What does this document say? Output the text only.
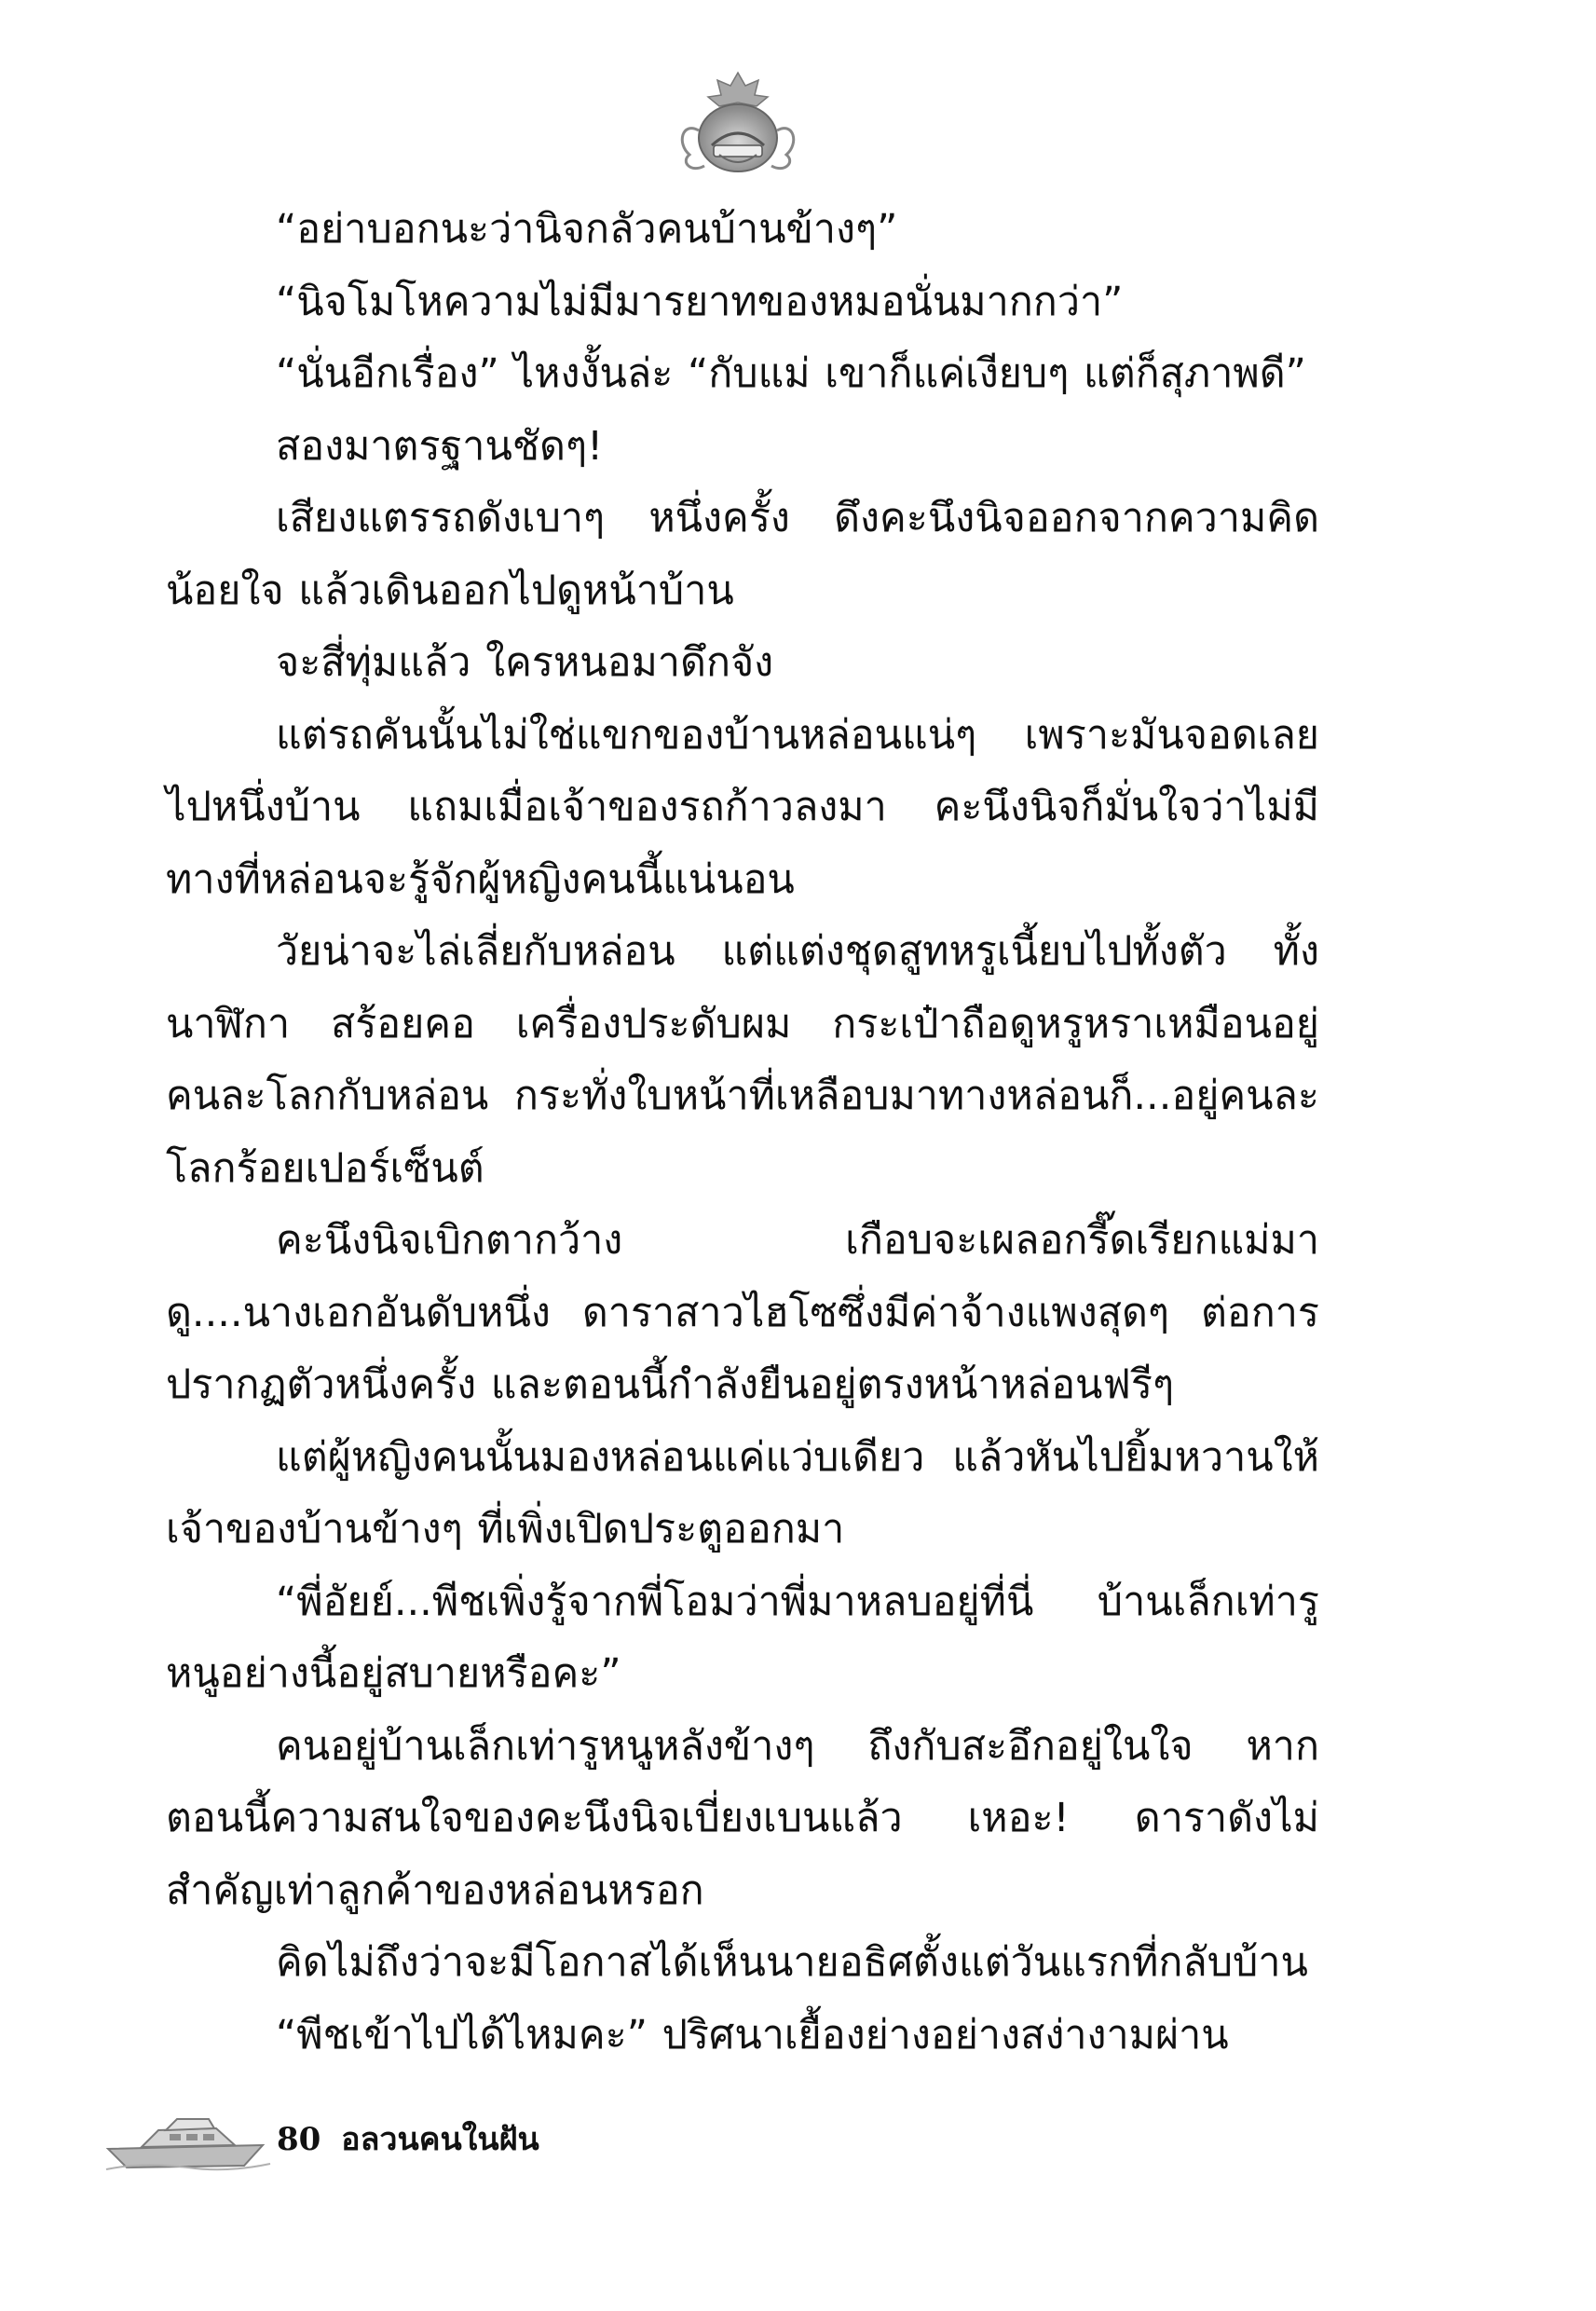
“อย่าบอกนะว่านิจกลัวคนบ้านข้างๆ”

“นิจโมโหความไม่มีมารยาทของหมอนั่นมากกว่า”

“นั่นอีกเรื่อง” ไหงงั้นล่ะ “กับแม่ เขาก็แค่เงียบๆ แต่ก็สุภาพดี”

สองมาตรฐานชัดๆ!

เสียงแตรรถดังเบาๆ หนึ่งครั้ง ดึงคะนึงนิจออกจากความคิดน้อยใจ แล้วเดินออกไปดูหน้าบ้าน

จะสี่ทุ่มแล้ว ใครหนอมาดึกจัง

แต่รถคันนั้นไม่ใช่แขกของบ้านหล่อนแน่ๆ เพราะมันจอดเลยไปหนึ่งบ้าน แถมเมื่อเจ้าของรถก้าวลงมา คะนึงนิจก็มั่นใจว่าไม่มีทางที่หล่อนจะรู้จักผู้หญิงคนนี้แน่นอน

วัยน่าจะไล่เลี่ยกับหล่อน แต่แต่งชุดสูทหรูเนี้ยบไปทั้งตัว ทั้งนาฬิกา สร้อยคอ เครื่องประดับผม กระเป๋าถือดูหรูหราเหมือนอยู่คนละโลกกับหล่อน กระทั่งใบหน้าที่เหลือบมาทางหล่อนก็...อยู่คนละโลกร้อยเปอร์เซ็นต์

คะนึงนิจเบิกตากว้าง เกือบจะเผลอกรี๊ดเรียกแม่มาดู....นางเอกอันดับหนึ่ง ดาราสาวไฮโซซึ่งมีค่าจ้างแพงสุดๆ ต่อการปรากฏตัวหนึ่งครั้ง และตอนนี้กำลังยืนอยู่ตรงหน้าหล่อนฟรีๆ

แต่ผู้หญิงคนนั้นมองหล่อนแค่แว่บเดียว แล้วหันไปยิ้มหวานให้เจ้าของบ้านข้างๆ ที่เพิ่งเปิดประตูออกมา

“พี่อัยย์...พีชเพิ่งรู้จากพี่โอมว่าพี่มาหลบอยู่ที่นี่ บ้านเล็กเท่ารูหนูอย่างนี้อยู่สบายหรือคะ”

คนอยู่บ้านเล็กเท่ารูหนูหลังข้างๆ ถึงกับสะอึกอยู่ในใจ หากตอนนี้ความสนใจของคะนึงนิจเบี่ยงเบนแล้ว เหอะ! ดาราดังไม่สำคัญเท่าลูกค้าของหล่อนหรอก

คิดไม่ถึงว่าจะมีโอกาสได้เห็นนายอธิศตั้งแต่วันแรกที่กลับบ้าน

“พีชเข้าไปได้ไหมคะ” ปริศนาเยื้องย่างอย่างสง่างามผ่าน

80 อลวนคนในฝัน
